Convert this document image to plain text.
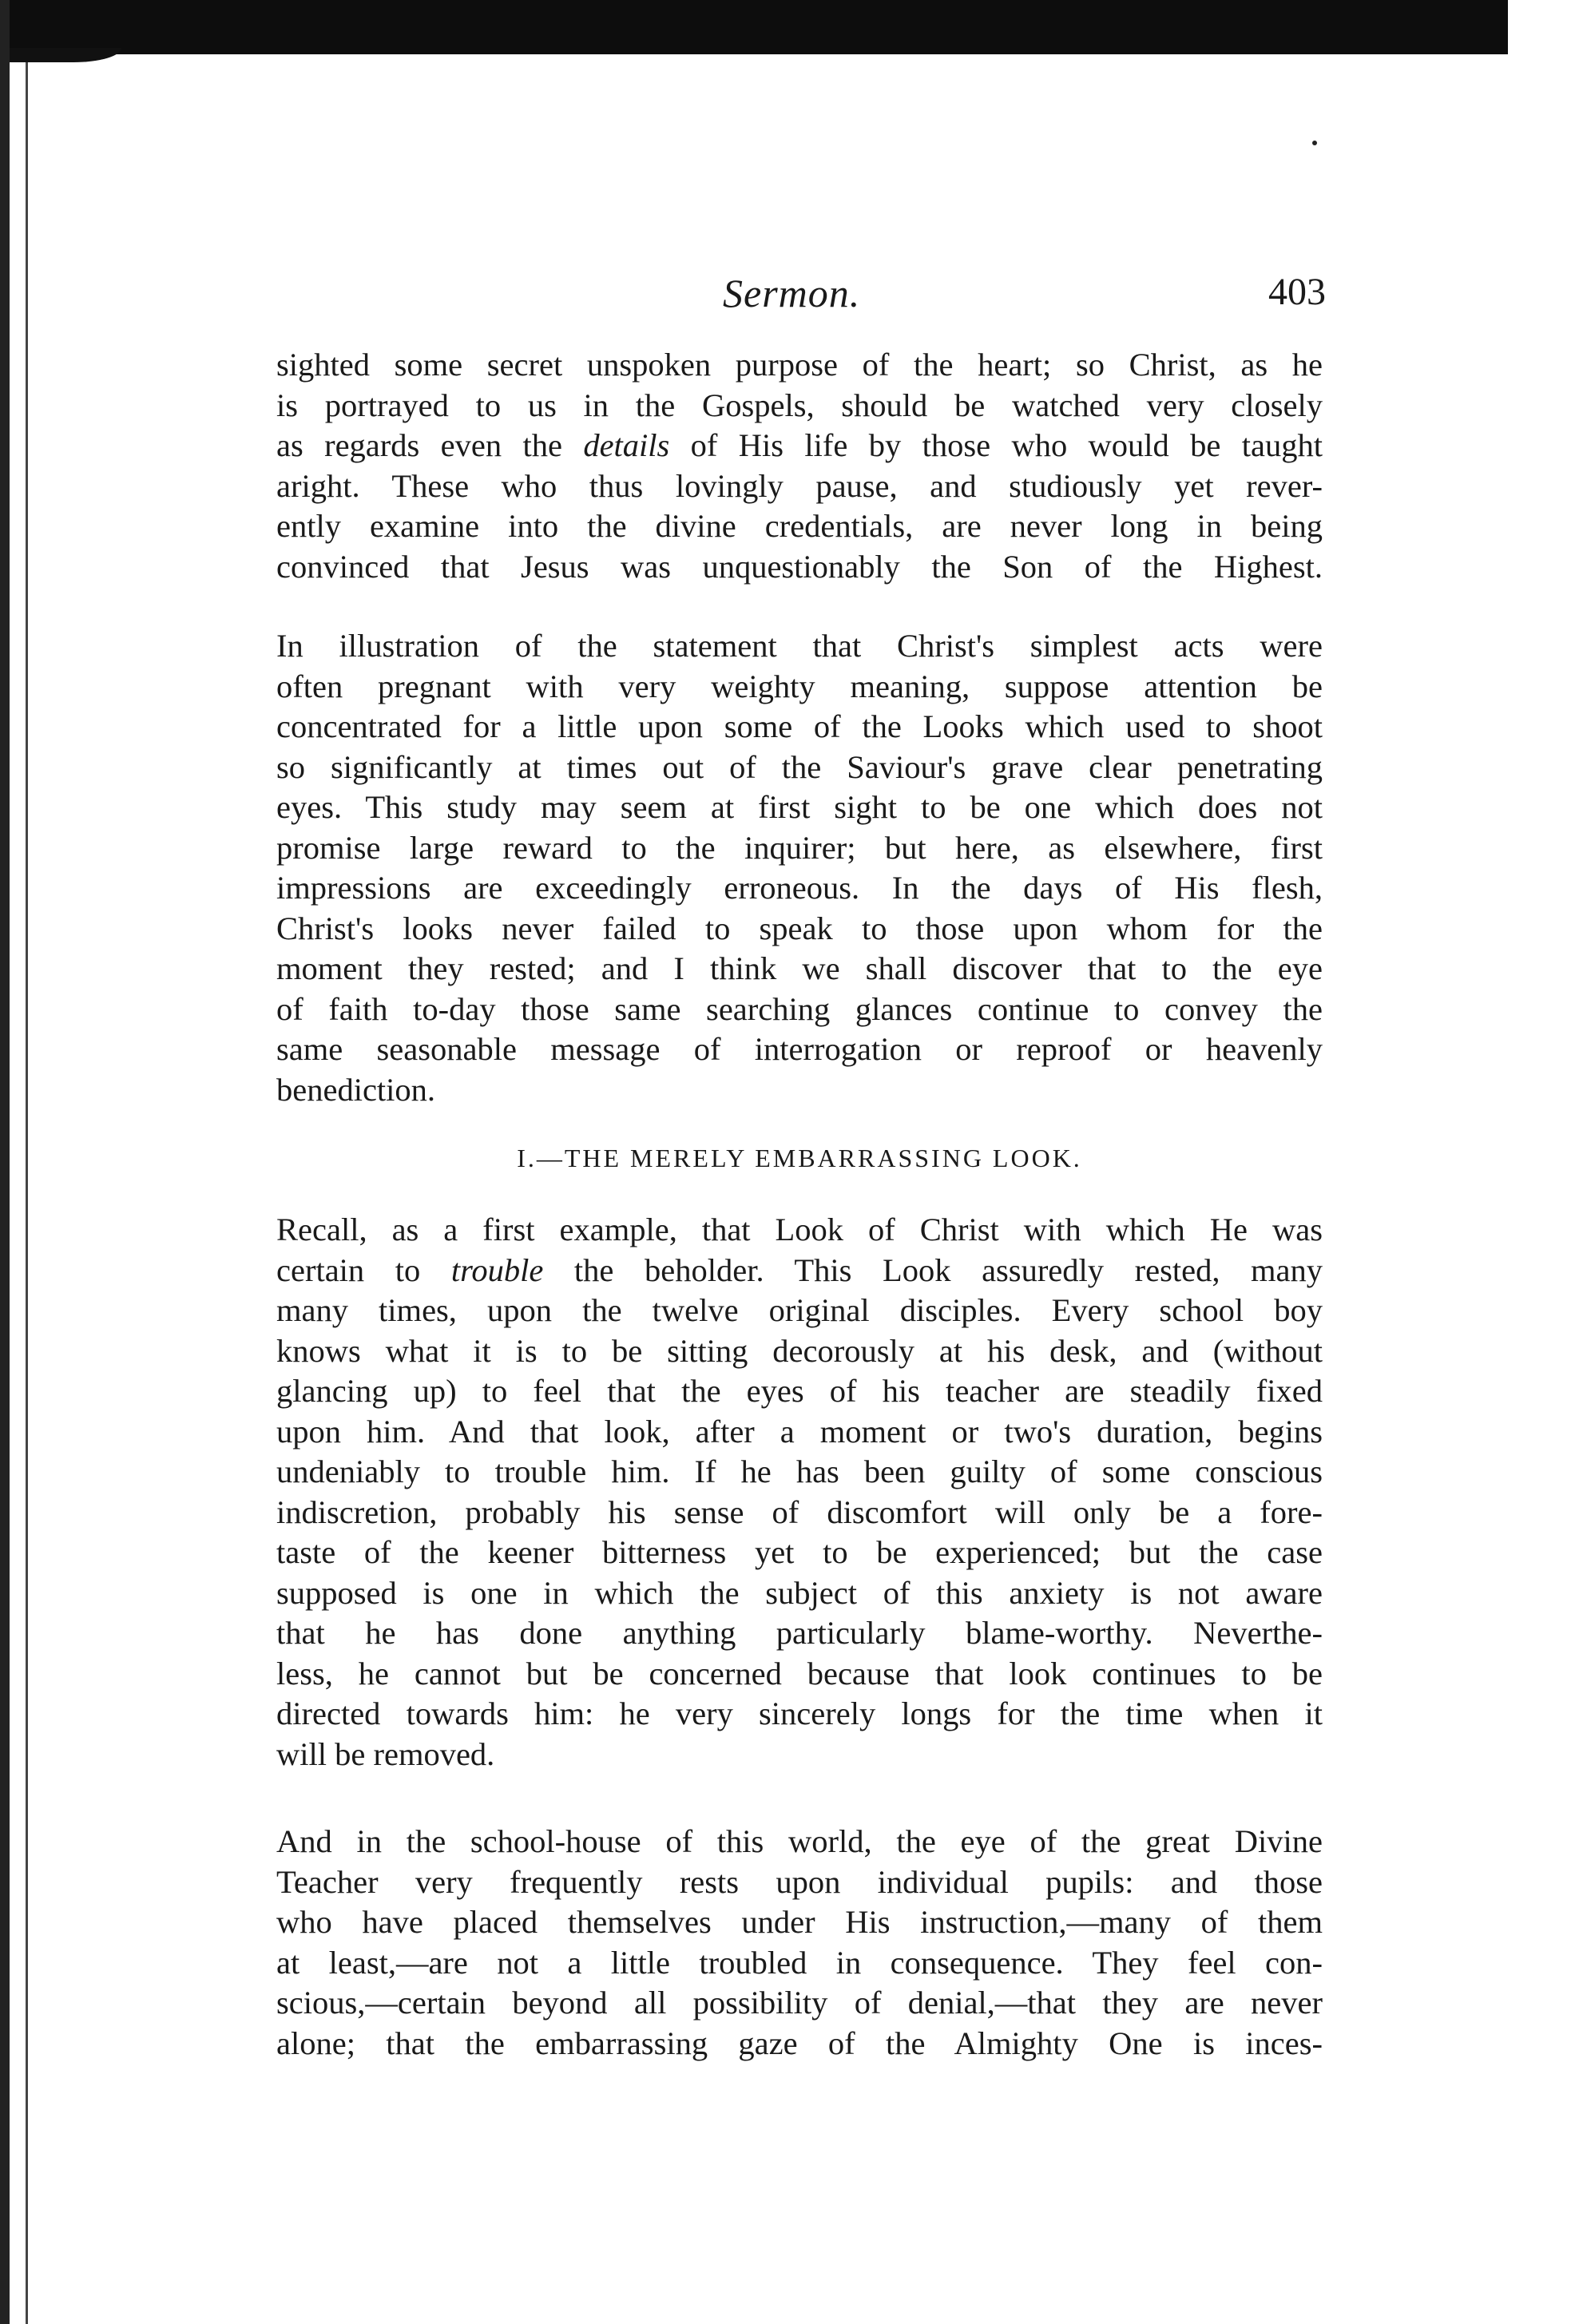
Sermon.	403
sighted some secret unspoken purpose of the heart; so Christ, as he
is portrayed to us in the Gospels, should be watched very closely
as regards even the details of His life by those who would be taught
aright. These who thus lovingly pause, and studiously yet rever-
ently examine into the divine credentials, are never long in being
convinced that Jesus was unquestionably the Son of the Highest.
In illustration of the statement that Christ's simplest acts were
often pregnant with very weighty meaning, suppose attention be
concentrated for a little upon some of the Looks which used to shoot
so significantly at times out of the Saviour's grave clear penetrating
eyes. This study may seem at first sight to be one which does not
promise large reward to the inquirer; but here, as elsewhere, first
impressions are exceedingly erroneous. In the days of His flesh,
Christ's looks never failed to speak to those upon whom for the
moment they rested; and I think we shall discover that to the eye
of faith to-day those same searching glances continue to convey the
same seasonable message of interrogation or reproof or heavenly
benediction.
I.—THE MERELY EMBARRASSING LOOK.
Recall, as a first example, that Look of Christ with which He was
certain to trouble the beholder. This Look assuredly rested, many
many times, upon the twelve original disciples. Every school boy
knows what it is to be sitting decorously at his desk, and (without
glancing up) to feel that the eyes of his teacher are steadily fixed
upon him. And that look, after a moment or two's duration, begins
undeniably to trouble him. If he has been guilty of some conscious
indiscretion, probably his sense of discomfort will only be a fore-
taste of the keener bitterness yet to be experienced; but the case
supposed is one in which the subject of this anxiety is not aware
that he has done anything particularly blame-worthy. Neverthe-
less, he cannot but be concerned because that look continues to be
directed towards him: he very sincerely longs for the time when it
will be removed.
And in the school-house of this world, the eye of the great Divine
Teacher very frequently rests upon individual pupils: and those
who have placed themselves under His instruction,—many of them
at least,—are not a little troubled in consequence. They feel con-
scious,—certain beyond all possibility of denial,—that they are never
alone; that the embarrassing gaze of the Almighty One is inces-
